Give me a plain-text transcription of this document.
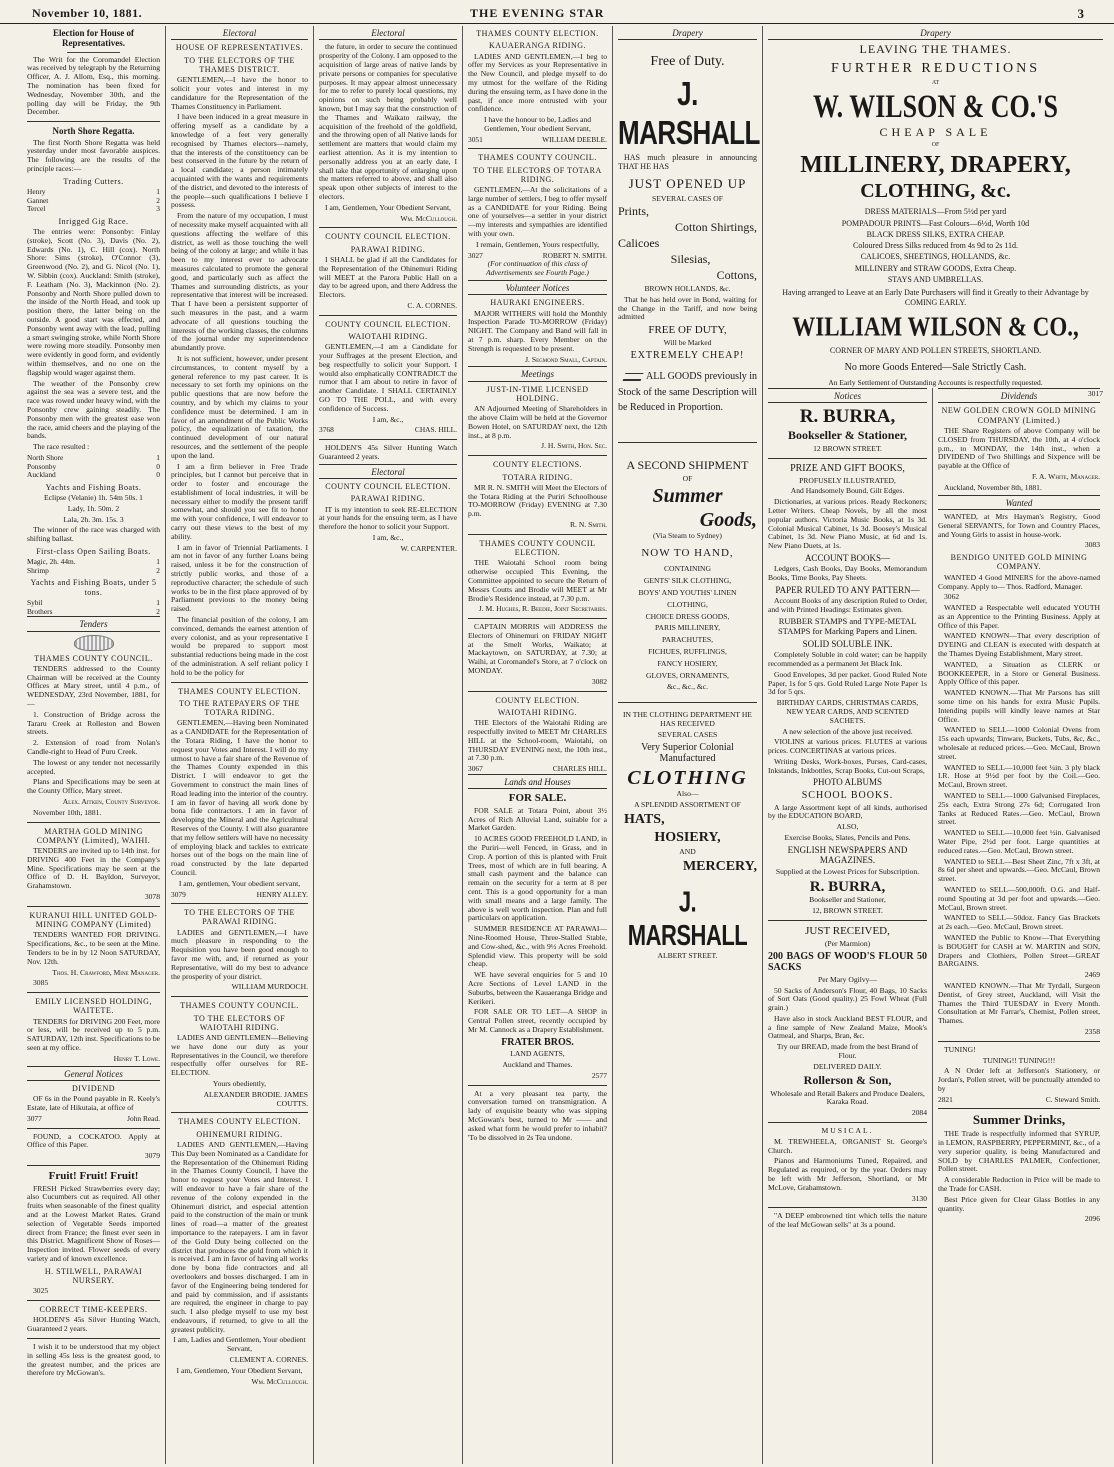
November 10, 1881.	THE EVENING STAR	3
Election for House of Representatives.

The Writ for the Coromandel Election was received by telegraph by the Returning Officer, A. J. Allom, Esq., this morning. The nomination has been fixed for Wednesday, November 30th, and the polling day will be Friday, the 9th December.

North Shore Regatta.

The first North Shore Regatta was held yesterday under most favorable auspices. The following are the results of the principle races:—

Trading Cutters.
Henry	1
Gannet	2
Tercel	3
Inrigged Gig Race.

The entries were: Ponsonby: Finlay (stroke), Scott (No. 3), Davis (No. 2), Edwards (No. 1), C. Hill (cox). North Shore: Sims (stroke), O'Connor (3), Greenwood (No. 2), and G. Nicol (No. 1), W. Sibbin (cox). Auckland: Smith (stroke), F. Leatham (No. 3), Mackinnon (No. 2). Ponsonby and North Shore pulled down to the inside of the North Head, and took up position there, the latter being on the outside. A good start was effected, and Ponsonby went away with the lead, pulling a smart swinging stroke, while North Shore were rowing more steadily. Ponsonby men were evidently in good form, and evidently within themselves, and no one on the flagship would wager against them.

The weather of the Ponsonby crew against the sea was a severe test, and the race was rowed under heavy wind, with the Ponsonby crew gaining steadily. The Ponsonby men with the greatest ease won the race, amid cheers and the playing of the bands.

The race resulted :

North Shore	1
Ponsonby	0
Auckland	0
Yachts and Fishing Boats.

Eclipse (Velanie) 1h. 54m 50s. 1

Lady, 1h. 50m. 2

Lala, 2h. 3m. 15s. 3

The winner of the race was charged with shifting ballast.

First-class Open Sailing Boats.
Magic, 2h. 44m.	1
Shrimp	2
Yachts and Fishing Boats, under 5 tons.
Sybil	1
Brothers	2
Tenders
THAMES COUNTY COUNCIL.

TENDERS addressed to the County Chairman will be received at the County Offices at Mary street, until 4 p.m., of WEDNESDAY, 23rd November, 1881, for—

1. Construction of Bridge across the Tararu Creek at Rolleston and Bowen streets.

2. Extension of road from Nolan's Candle-right to Head of Puru Creek.

The lowest or any tender not necessarily accepted.

Plans and Specifications may be seen at the County Office, Mary street.

Alex. Aitken, County Surveyor.

November 10th, 1881.

MARTHA GOLD MINING COMPANY (Limited), WAIHI.

TENDERS are invited up to 14th inst. for DRIVING 400 Feet in the Company's Mine. Specifications may be seen at the Office of D. H. Bayldon, Surveyor, Grahamstown.

3078

KURANUI HILL UNITED GOLD-MINING COMPANY (Limited)

TENDERS WANTED FOR DRIVING. Specifications, &c., to be seen at the Mine. Tenders to be in by 12 Noon SATURDAY, Nov. 12th.

Thos. H. Crawford, Mine Manager.

3085

EMILY LICENSED HOLDING, WAITETE.

TENDERS for DRIVING 200 Feet, more or less, will be received up to 5 p.m. SATURDAY, 12th inst. Specifications to be seen at my office.

Henry T. Lowe.

General Notices
DIVIDEND

OF 6s in the Pound payable in R. Keely's Estate, late of Hikutaia, at office of

3077	John Read.

FOUND, a COCKATOO. Apply at Office of this Paper.

3079

Fruit! Fruit! Fruit!

FRESH Picked Strawberries every day; also Cucumbers cut as required. All other fruits when seasonable of the finest quality and at the Lowest Market Rates. Grand selection of Vegetable Seeds imported direct from France; the finest ever seen in this District. Magnificent Show of Roses—Inspection invited. Flower seeds of every variety and of known excellence.

H. STILWELL, PARAWAI NURSERY.

3025

CORRECT TIME-KEEPERS.

HOLDEN'S 45s Silver Hunting Watch, Guaranteed 2 years.

I wish it to be understood that my object in selling 45s less is the greatest good, to the greatest number, and the prices are therefore try McGowan's.

Electoral
HOUSE OF REPRESENTATIVES.
TO THE ELECTORS OF THE THAMES DISTRICT.

GENTLEMEN,—I have the honor to solicit your votes and interest in my candidature for the Representation of the Thames Constituency in Parliament.

I have been induced in a great measure in offering myself as a candidate by a knowledge of a feet very generally recognised by Thames electors—namely, that the interests of the constituency can be best conserved in the future by the return of a local candidate; a person intimately acquainted with the wants and requirements of the district, and devoted to the interests of the people—such qualifications I believe I possess.

From the nature of my occupation, I must of necessity make myself acquainted with all questions affecting the welfare of this district, as well as those touching the well being of the colony at large; and while it has been to my interest ever to advocate measures calculated to promote the general good, and particularly such as affect the Thames and surrounding districts, as your representative that interest will be increased. That I have been a persistent supporter of such measures in the past, and a warm advocate of all questions touching the interests of the working classes, the columns of the journal under my superintendence abundantly prove.

It is not sufficient, however, under present circumstances, to content myself by a general reference to my past career. It is necessary to set forth my opinions on the public questions that are now before the country, and by which my claims to your confidence must be determined. I am in favor of an amendment of the Public Works policy, the equalization of taxation, the continued development of our natural resources, and the settlement of the people upon the land.

I am a firm believer in Free Trade principles, but I cannot but perceive that in order to foster and encourage the establishment of local industries, it will be necessary either to modify the present tariff somewhat, and should you see fit to honor me with your confidence, I will endeavor to carry out these views to the best of my ability.

I am in favor of Triennial Parliaments. I am not in favor of any further Loans being raised, unless it be for the construction of strictly public works, and those of a reproductive character; the schedule of such works to be in the first place approved of by Parliament previous to the money being raised.

The financial position of the colony, I am convinced, demands the earnest attention of every colonist, and as your representative I would be prepared to support most substantial reductions being made in the cost of the administration. A self reliant policy I hold to be the policy for

THAMES COUNTY ELECTION.
TO THE RATEPAYERS OF THE TOTARA RIDING.

GENTLEMEN,—Having been Nominated as a CANDIDATE for the Representation of the Totara Riding, I have the honor to request your Votes and Interest. I will do my utmost to have a fair share of the Revenue of the Thames County expended in this District. I will endeavor to get the Government to construct the main lines of Road leading into the interior of the country. I am in favor of having all work done by bona fide contractors. I am in favor of developing the Mineral and the Agricultural Reserves of the County. I will also guarantee that my fellow settlers will have no necessity of employing black and tackles to extricate horses out of the bogs on the main line of road constructed by the late departed Council.

I am, gentlemen, Your obedient servant,

3079	HENRY ALLEY.
TO THE ELECTORS OF THE PARAWAI RIDING.

LADIES and GENTLEMEN,—I have much pleasure in responding to the Requisition you have been good enough to favor me with, and, if returned as your Representative, will do my best to advance the prosperity of your district.

WILLIAM MURDOCH.

THAMES COUNTY COUNCIL.
TO THE ELECTORS OF WAIOTAHI RIDING.

LADIES AND GENTLEMEN—Believing we have done our duty as your Representatives in the Council, we therefore respectfully offer ourselves for RE-ELECTION.

Yours obediently,

ALEXANDER BRODIE. JAMES COUTTS.

THAMES COUNTY ELECTION.
OHINEMURI RIDING.

LADIES AND GENTLEMEN,—Having This Day been Nominated as a Candidate for the Representation of the Ohinemuri Riding in the Thames County Council, I have the honor to request your Votes and Interest. I will endeavor to have a fair share of the revenue of the colony expended in the Ohinemuri district, and especial attention paid to the construction of the main or trunk lines of road—a matter of the greatest importance to the ratepayers. I am in favor of the Gold Duty being collected on the district that produces the gold from which it is received. I am in favor of having all works done by bona fide contractors and all overlookers and bosses discharged. I am in favor of the Engineering being tendered for and paid by commission, and if assistants are required, the engineer in charge to pay such. I also pledge myself to use my best endeavours, if returned, to give to all the greatest publicity.

I am, Ladies and Gentlemen, Your obedient Servant,

CLEMENT A. CORNES.

I am, Gentlemen, Your Obedient Servant,

Wm. McCullough.

Electoral

the future, in order to secure the continued prosperity of the Colony. I am opposed to the acquisition of large areas of native lands by private persons or companies for speculative purposes. It may appear almost unnecessary for me to refer to purely local questions, my opinions on such being probably well known, but I may say that the construction of the Thames and Waikato railway, the acquisition of the freehold of the goldfield, and the throwing open of all Native lands for settlement are matters that would claim my earliest attention. As it is my intention to personally address you at an early date, I shall take that opportunity of enlarging upon the matters referred to above, and shall also speak upon other subjects of interest to the electors.

I am, Gentlemen, Your Obedient Servant,

Wm. McCullough.

COUNTY COUNCIL ELECTION.
PARAWAI RIDING.

I SHALL be glad if all the Candidates for the Representation of the Ohinemuri Riding will MEET at the Parora Public Hall on a day to be agreed upon, and there Address the Electors.

C. A. CORNES.

COUNTY COUNCIL ELECTION.
WAIOTAHI RIDING.

GENTLEMEN,—I am a Candidate for your Suffrages at the present Election, and beg respectfully to solicit your Support. I would also emphatically CONTRADICT the rumor that I am about to retire in favor of another Candidate. I SHALL CERTAINLY GO TO THE POLL, and with every confidence of Success.

I am, &c.,

3768	CHAS. HILL.

HOLDEN'S 45s Silver Hunting Watch Guaranteed 2 years.

Electoral
COUNTY COUNCIL ELECTION.
PARAWAI RIDING.

IT is my intention to seek RE-ELECTION at your hands for the ensuing term, as I have therefore the honor to solicit your Support.

I am, &c.,

W. CARPENTER.

THAMES COUNTY ELECTION.
KAUAERANGA RIDING.

LADIES AND GENTLEMEN,—I beg to offer my Services as your Representative in the New Council, and pledge myself to do my utmost for the welfare of the Riding during the ensuing term, as I have done in the past, if once more entrusted with your confidence.

I have the honour to be, Ladies and Gentlemen, Your obedient Servant,

3051	WILLIAM DEEBLE.
THAMES COUNTY COUNCIL.
TO THE ELECTORS OF TOTARA RIDING.

GENTLEMEN,—At the solicitations of a large number of settlers, I beg to offer myself as a CANDIDATE for your Riding. Being one of yourselves—a settler in your district—my interests and sympathies are identified with your own.

I remain, Gentlemen, Yours respectfully,

3027	ROBERT N. SMITH.

(For continuation of this class of Advertisements see Fourth Page.)

Volunteer Notices
HAURAKI ENGINEERS.

MAJOR WITHERS will hold the Monthly Inspection Parade TO-MORROW (Friday) NIGHT. The Company and Band will fall in at 7 p.m. sharp. Every Member on the Strength is requested to be present.

J. Segmond Small, Captain.

Meetings
JUST-IN-TIME LICENSED HOLDING.

AN Adjourned Meeting of Shareholders in the above Claim will be held at the Governor Bowen Hotel, on SATURDAY next, the 12th inst., at 8 p.m.

J. H. Smith, Hon. Sec.

COUNTY ELECTIONS.
TOTARA RIDING.

MR R. N. SMITH will Meet the Electors of the Totara Riding at the Puriri Schoolhouse TO-MORROW (Friday) EVENING at 7.30 p.m.

R. N. Smith.

THAMES COUNTY COUNCIL ELECTION.

THE Waiotahi School room being otherwise occupied This Evening, the Committee appointed to secure the Return of Messrs Coutts and Brodie will MEET at Mr Brodie's Residence instead, at 7.30 p.m.

J. M. Hughes, R. Beedie, Joint Secretaries.

CAPTAIN MORRIS will ADDRESS the Electors of Ohinemuri on FRIDAY NIGHT at the Smelt Works, Waikato; at Mackaytown, on SATURDAY, at 7.30; at Waihi, at Coromandel's Store, at 7 o'clock on MONDAY.

3082

COUNTY ELECTION.
WAIOTAHI RIDING.

THE Electors of the Waiotahi Riding are respectfully invited to MEET Mr CHARLES HILL at the School-room, Waiotahi, on THURSDAY EVENING next, the 10th inst., at 7.30 p.m.

3067	CHARLES HILL.
Lands and Houses
FOR SALE.

FOR SALE at Totara Point, about 3½ Acres of Rich Alluvial Land, suitable for a Market Garden.

10 ACRES GOOD FREEHOLD LAND, in the Puriri—well Fenced, in Grass, and in Crop. A portion of this is planted with Fruit Trees, most of which are in full bearing. A small cash payment and the balance can remain on the security for a term at 8 per cent. This is a good opportunity for a man with small means and a large family. The above is well worth inspection. Plan and full particulars on application.

SUMMER RESIDENCE AT PARAWAI—Nine-Roomed House, Three-Stalled Stable, and Cow-shed, &c., with 9½ Acres Freehold. Splendid view. This property will be sold cheap.

WE have several enquiries for 5 and 10 Acre Sections of Level LAND in the Suburbs, between the Kauaeranga Bridge and Kerikeri.

FOR SALE OR TO LET—A SHOP in Central Pollen street, recently occupied by Mr M. Cannock as a Drapery Establishment.

FRATER BROS.

LAND AGENTS,

Auckland and Thames.

2577

At a very pleasant tea party, the conversation turned on transmigration. A lady of exquisite beauty who was sipping McGowan's best, turned to Mr —— and asked what form he would prefer to inhabit? 'To be dissolved in 2s Tea undone.

Drapery

Free of Duty.

J. MARSHALL

HAS much pleasure in announcing THAT HE HAS

JUST OPENED UP

SEVERAL CASES OF

Prints,

Cotton Shirtings,

Calicoes

Silesias,

Cottons,

BROWN HOLLANDS, &c.

That he has held over in Bond, waiting for the Change in the Tariff, and now being admitted

FREE OF DUTY,

Will be Marked

EXTREMELY CHEAP!

ALL GOODS previously in Stock of the same Description will be Reduced in Proportion.

A SECOND SHIPMENT

OF

Summer
Goods,

(Via Steam to Sydney)

NOW TO HAND,

CONTAINING

GENTS' SILK CLOTHING,

BOYS' AND YOUTHS' LINEN

CLOTHING,

CHOICE DRESS GOODS,

PARIS MILLINERY,

PARACHUTES,

FICHUES, RUFFLINGS,

FANCY HOSIERY,

GLOVES, ORNAMENTS,

&c., &c., &c.

IN THE CLOTHING DEPARTMENT HE HAS RECEIVED

SEVERAL CASES

Very Superior Colonial Manufactured

CLOTHING

Also—

A SPLENDID ASSORTMENT OF

HATS,

HOSIERY,

AND

MERCERY,

J. MARSHALL

ALBERT STREET.

Drapery

LEAVING THE THAMES.

FURTHER REDUCTIONS

AT

W. WILSON & CO.'S

CHEAP SALE

OF

MILLINERY, DRAPERY,
CLOTHING, &c.

DRESS MATERIALS—From 5½d per yard

POMPADOUR PRINTS—Fast Colours—6½d, Worth 10d

BLACK DRESS SILKS, EXTRA CHEAP.

Coloured Dress Silks reduced from 4s 9d to 2s 11d.

CALICOES, SHEETINGS, HOLLANDS, &c.

MILLINERY and STRAW GOODS, Extra Cheap.

STAYS AND UMBRELLAS.

Having arranged to Leave at an Early Date Purchasers will find it Greatly to their Advantage by COMING EARLY.

WILLIAM WILSON & CO.,

CORNER OF MARY AND POLLEN STREETS, SHORTLAND.

No more Goods Entered—Sale Strictly Cash.

An Early Settlement of Outstanding Accounts is respectfully requested.

3017

Notices
R. BURRA,

Bookseller & Stationer,

12 BROWN STREET.

PRIZE AND GIFT BOOKS,

PROFUSELY ILLUSTRATED,

And Handsomely Bound, Gilt Edges.

Dictionaries, at various prices. Ready Reckoners; Letter Writers. Cheap Novels, by all the most popular authors. Victoria Music Books, at 1s 3d. Colonial Musical Cabinet, 1s 3d. Boosey's Musical Cabinet, 1s 3d. New Piano Music, at 6d and 1s. New Piano Duets, at 1s.

ACCOUNT BOOKS—

Ledgers, Cash Books, Day Books, Memorandum Books, Time Books, Pay Sheets.

PAPER RULED TO ANY PATTERN—

Account Books of any description Ruled to Order, and with Printed Headings: Estimates given.

RUBBER STAMPS and TYPE-METAL STAMPS for Marking Papers and Linen.

SOLID SOLUBLE INK.

Completely Soluble in cold water; can be happily recommended as a permanent Jet Black Ink.

Good Envelopes, 3d per packet. Good Ruled Note Paper, 1s for 5 qrs. Gold Ruled Large Note Paper 1s 3d for 5 qrs.

BIRTHDAY CARDS, CHRISTMAS CARDS, NEW YEAR CARDS, AND SCENTED SACHETS.

A new selection of the above just received.

VIOLINS at various prices. FLUTES at various prices. CONCERTINAS at various prices.

Writing Desks, Work-boxes, Purses, Card-cases, Inkstands, Inkbottles, Scrap Books, Cut-out Scraps,

PHOTO ALBUMS

SCHOOL BOOKS.

A large Assortment kept of all kinds, authorised by the EDUCATION BOARD,

ALSO,

Exercise Books, Slates, Pencils and Pens.

ENGLISH NEWSPAPERS AND MAGAZINES.

Supplied at the Lowest Prices for Subscription.

R. BURRA,

Bookseller and Stationer,

12, BROWN STREET.

JUST RECEIVED,

(Per Marmion)

200 BAGS OF WOOD'S FLOUR 50 SACKS

Per Mary Ogilvy—

50 Sacks of Anderson's Flour, 40 Bags, 10 Sacks of Sort Oats (Good quality.) 25 Fowl Wheat (Full grain.)

Have also in stock Auckland BEST FLOUR, and a fine sample of New Zealand Maize, Mook's Oatmeal, and Sharps, Bran, &c.

Try our BREAD, made from the best Brand of Flour.

DELIVERED DAILY.

Rollerson & Son,

Wholesale and Retail Bakers and Produce Dealers, Karaka Road.

2084

MUSICAL.

M. TREWHEELA, ORGANIST St. George's Church.

Pianos and Harmoniums Tuned, Repaired, and Regulated as required, or by the year. Orders may be left with Mr Jefferson, Shortland, or Mr McLove, Grahamstown.

3130

"A DEEP embrowned tint which tells the nature of the leaf McGowan sells" at 3s a pound.

Dividends
NEW GOLDEN CROWN GOLD MINING COMPANY (Limited.)

THE Share Registers of above Company will be CLOSED from THURSDAY, the 10th, at 4 o'clock p.m., to MONDAY, the 14th inst., when a DIVIDEND of Two Shillings and Sixpence will be payable at the Office of

F. A. White, Manager.

Auckland, November 8th, 1881.

Wanted

WANTED, at Mrs Hayman's Registry, Good General SERVANTS, for Town and Country Places, and Young Girls to assist in house-work.

3083

BENDIGO UNITED GOLD MINING COMPANY.

WANTED 4 Good MINERS for the above-named Company. Apply to— Thos. Radford, Manager.

3062

WANTED a Respectable well educated YOUTH as an Apprentice to the Printing Business. Apply at Office of this Paper.

WANTED KNOWN—That every description of DYEING and CLEAN is executed with despatch at the Thames Dyeing Establishment, Mary street.

WANTED, a Situation as CLERK or BOOKKEEPER, in a Store or General Business. Apply Office of this paper.

WANTED KNOWN.—That Mr Parsons has still some time on his hands for extra Music Pupils. Intending pupils will kindly leave names at Star Office.

WANTED to SELL—1000 Colonial Ovens from 15s each upwards; Tinware, Buckets, Tubs, &c, &c., wholesale at reduced prices.—Geo. McCaul, Brown street.

WANTED to SELL—10,000 feet ¼in. 3 ply black I.R. Hose at 9½d per foot by the Coil.—Geo. McCaul, Brown street.

WANTED to SELL—1000 Galvanised Fireplaces, 25s each, Extra Strong 27s 6d; Corrugated Iron Tanks at Reduced Rates.—Geo. McCaul, Brown street.

WANTED to SELL—10,000 feet ½in. Galvanised Water Pipe, 2½d per foot. Large quantities at reduced rates.—Geo. McCaul, Brown street.

WANTED to SELL—Best Sheet Zinc, 7ft x 3ft, at 8s 6d per sheet and upwards.—Geo. McCaul, Brown street.

WANTED to SELL—500,000ft. O.G. and Half-round Spouting at 3d per foot and upwards.—Geo. McCaul, Brown street.

WANTED to SELL—50doz. Fancy Gas Brackets at 2s each.—Geo. McCaul, Brown street.

WANTED the Public to Know—That Everything is BOUGHT for CASH at W. MARTIN and SON, Drapers and Clothiers, Pollen Street—GREAT BARGAINS.

2469

WANTED KNOWN.—That Mr Tyrdall, Surgeon Dentist, of Grey street, Auckland, will Visit the Thames the Third TUESDAY in Every Month. Consultation at Mr Farrar's, Chemist, Pollen street, Thames.

2358

TUNING!

TUNING!! TUNING!!!

A N Order left at Jefferson's Stationery, or Jordan's, Pollen street, will be punctually attended to by

2821	C. Steward Smith.
Summer Drinks,

THE Trade is respectfully informed that SYRUP, in LEMON, RASPBERRY, PEPPERMINT, &c., of a very superior quality, is being Manufactured and SOLD by CHARLES PALMER, Confectioner, Pollen street.

A considerable Reduction in Price will be made to the Trade for CASH.

Best Price given for Clear Glass Bottles in any quantity.

2096
